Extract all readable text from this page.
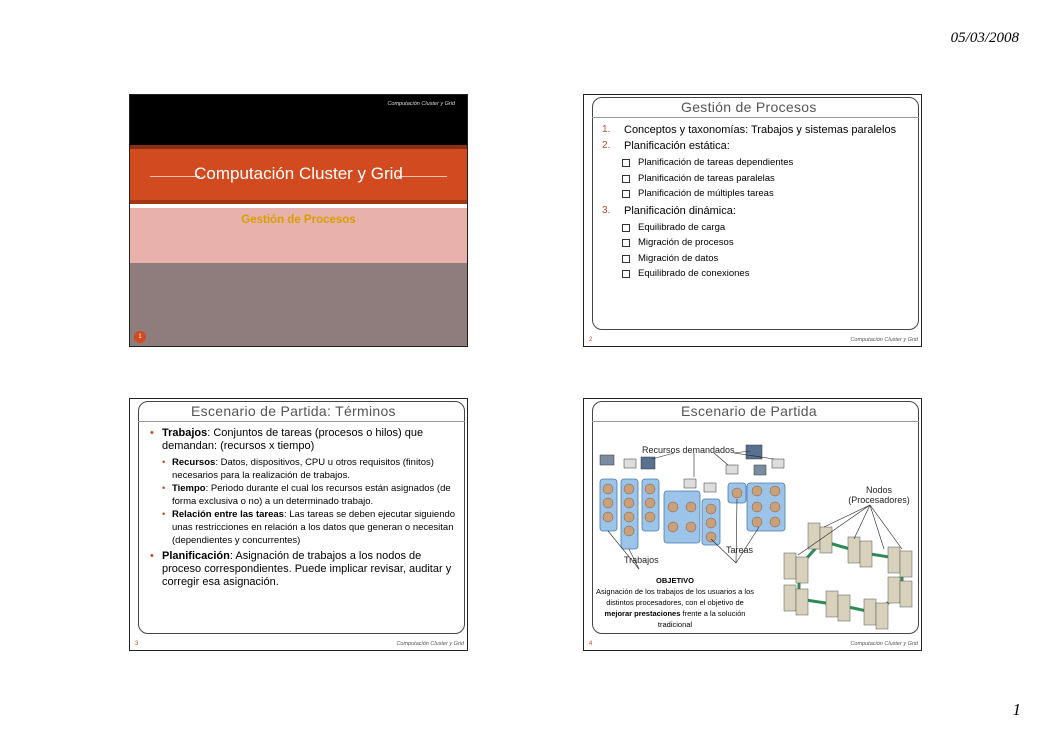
05/03/2008
Computación Cluster y Grid
Computación Cluster y Grid
Gestión de Procesos
1
Gestión de Procesos
1. Conceptos y taxonomías: Trabajos y sistemas paralelos
2. Planificación estática:
Planificación de tareas dependientes
Planificación de tareas paralelas
Planificación de múltiples tareas
3. Planificación dinámica:
Equilibrado de carga
Migración de procesos
Migración de datos
Equilibrado de conexiones
2	Computación Cluster y Grid
Escenario de Partida: Términos
• Trabajos: Conjuntos de tareas (procesos o hilos) que demandan: (recursos x tiempo)
• Recursos: Datos, dispositivos, CPU u otros requisitos (finitos) necesarios para la realización de trabajos.
• Tiempo: Periodo durante el cual los recursos están asignados (de forma exclusiva o no) a un determinado trabajo.
• Relación entre las tareas: Las tareas se deben ejecutar siguiendo unas restricciones en relación a los datos que generan o necesitan (dependientes y concurrentes)
• Planificación: Asignación de trabajos a los nodos de proceso correspondientes. Puede implicar revisar, auditar y corregir esa asignación.
3	Computación Cluster y Grid
Escenario de Partida
Recursos demandados
Nodos (Procesadores)
Tareas
Trabajos
OBJETIVO
Asignación de los trabajos de los usuarios a los distintos procesadores, con el objetivo de mejorar prestaciones frente a la solución tradicional
4	Computación Cluster y Grid
1
